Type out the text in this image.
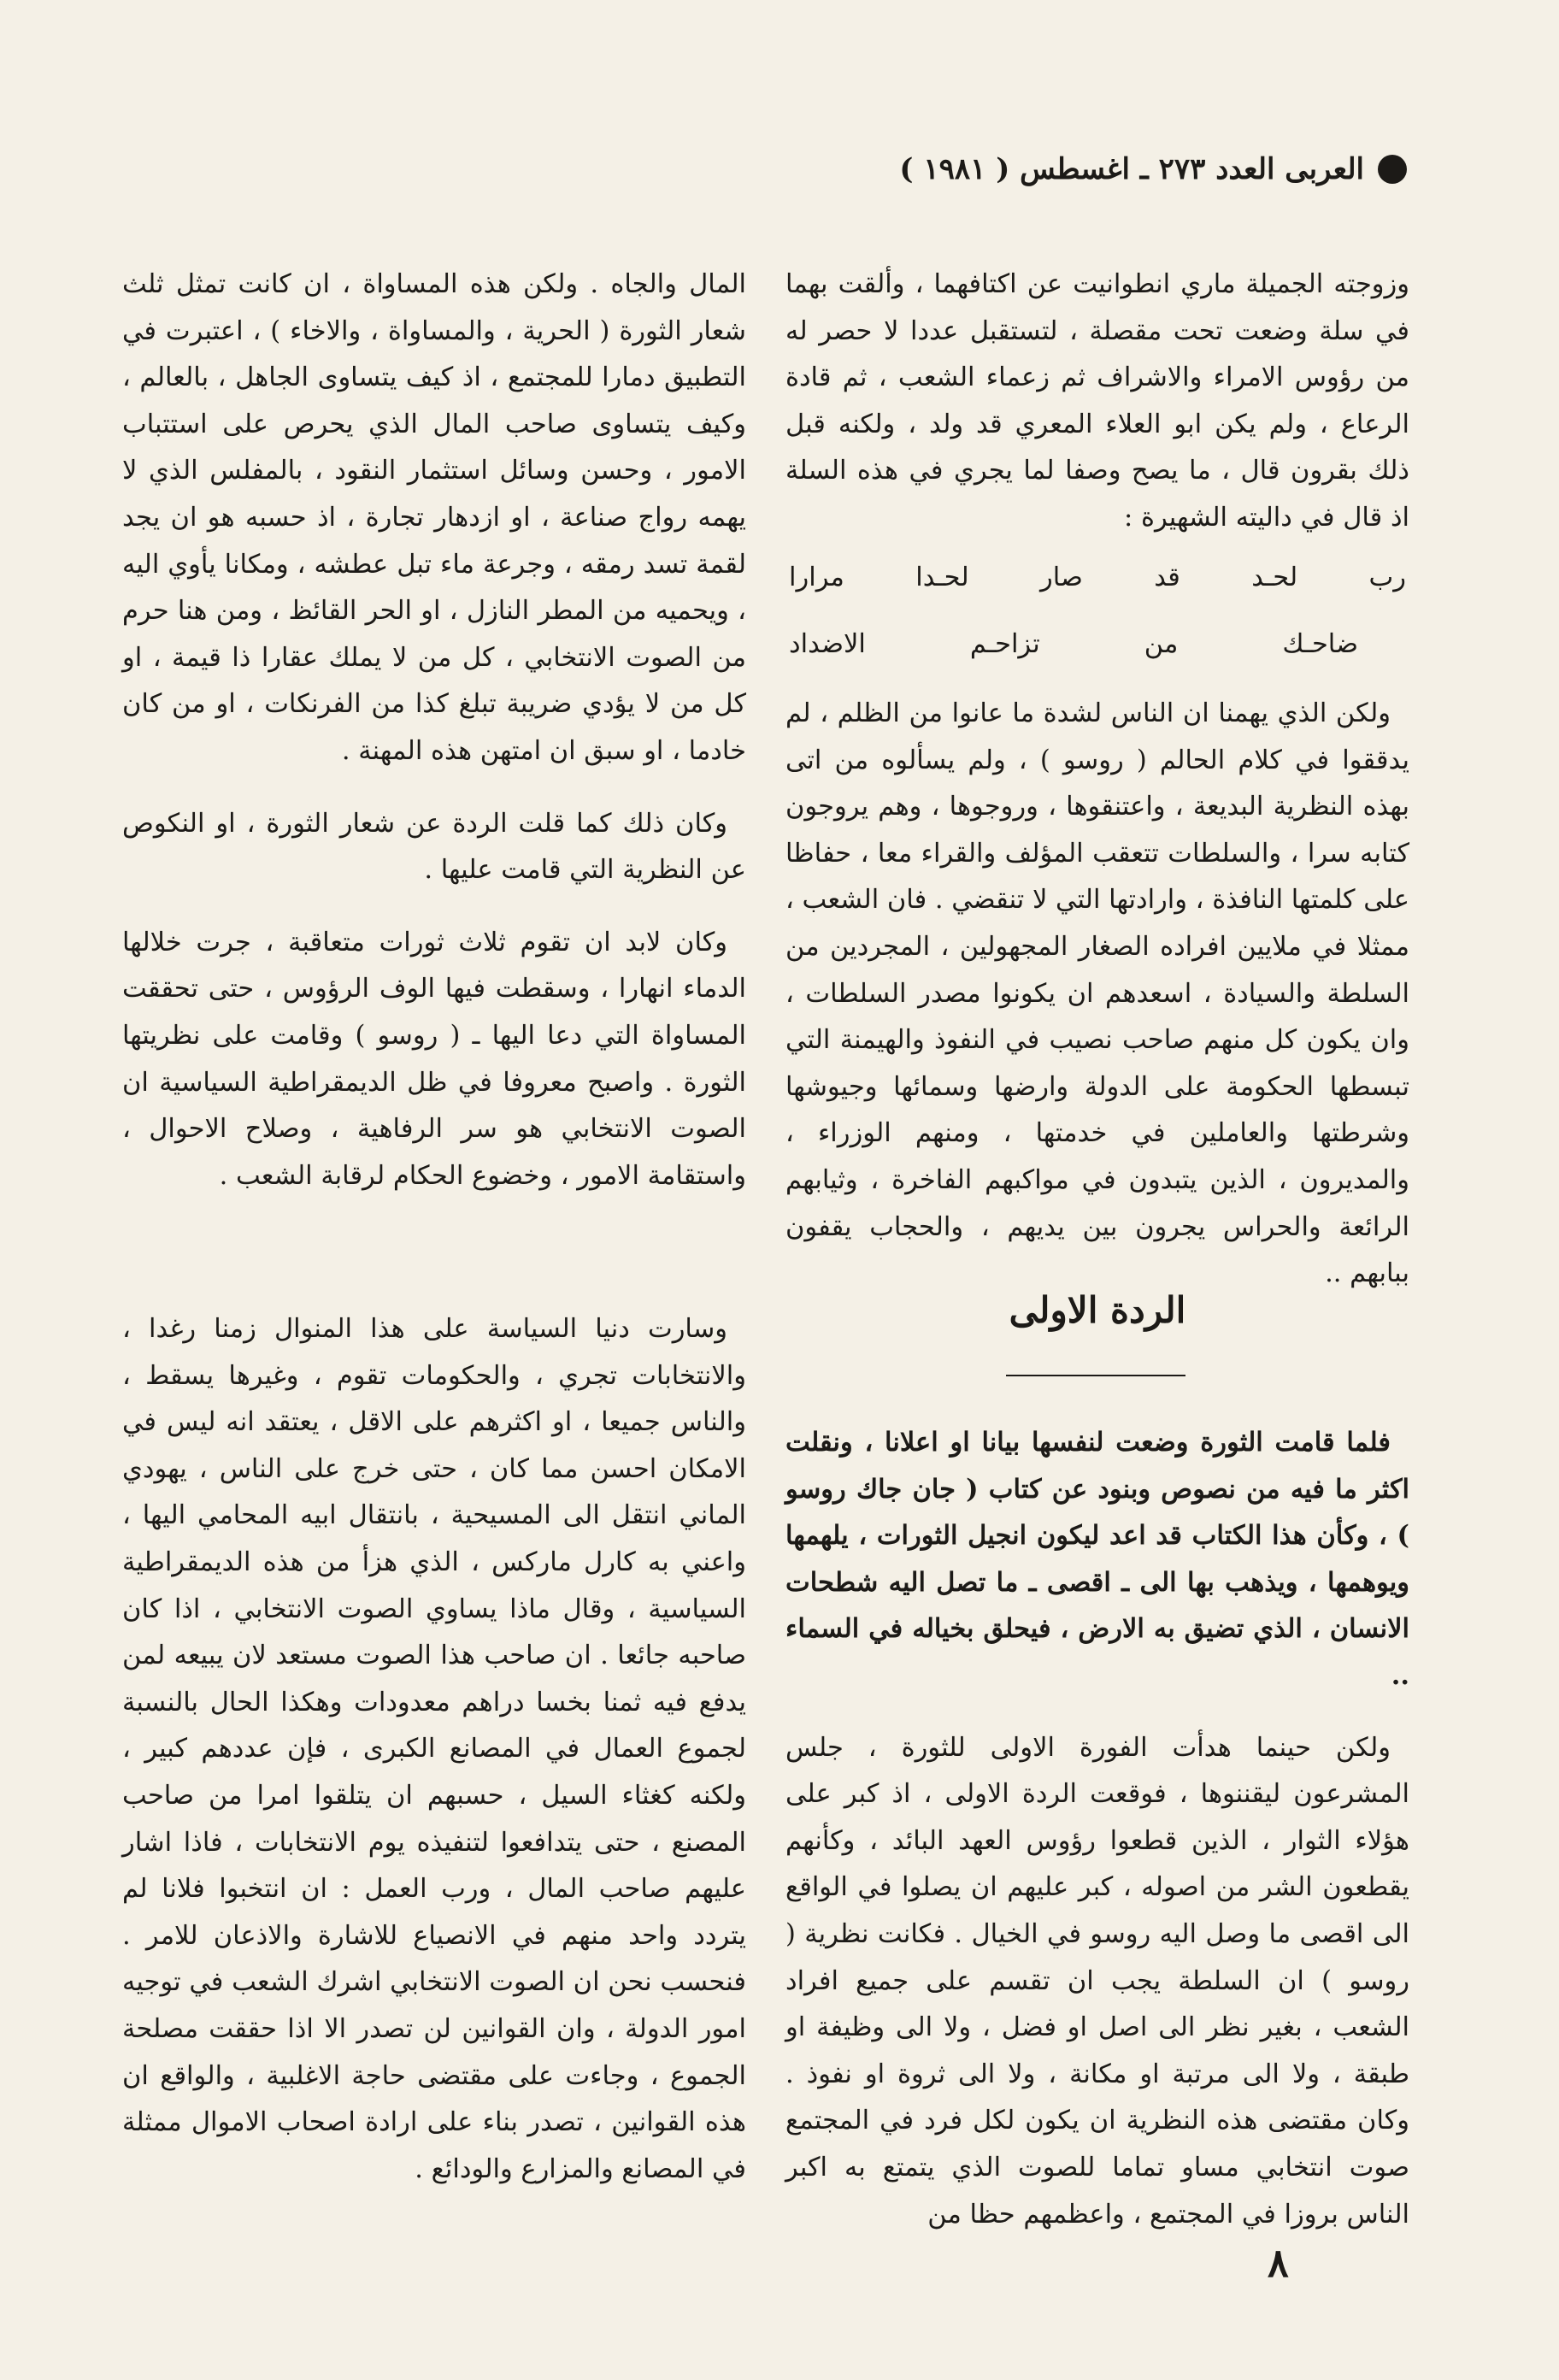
العربى العدد ٢٧٣ ـ اغسطس ( ١٩٨١ )

وزوجته الجميلة ماري انطوانيت عن اكتافهما ، وألقت بهما في سلة وضعت تحت مقصلة ، لتستقبل عددا لا حصر له من رؤوس الامراء والاشراف ثم زعماء الشعب ، ثم قادة الرعاع ، ولم يكن ابو العلاء المعري قد ولد ، ولكنه قبل ذلك بقرون قال ، ما يصح وصفا لما يجري في هذه السلة اذ قال في داليته الشهيرة :

رب
لحـد
قد
صار
لحـدا
مرارا
ضاحـك
من
تزاحـم
الاضداد

ولكن الذي يهمنا ان الناس لشدة ما عانوا من الظلم ، لم يدققوا في كلام الحالم ( روسو ) ، ولم يسألوه من اتى بهذه النظرية البديعة ، واعتنقوها ، وروجوها ، وهم يروجون كتابه سرا ، والسلطات تتعقب المؤلف والقراء معا ، حفاظا على كلمتها النافذة ، وارادتها التي لا تنقضي . فان الشعب ، ممثلا في ملايين افراده الصغار المجهولين ، المجردين من السلطة والسيادة ، اسعدهم ان يكونوا مصدر السلطات ، وان يكون كل منهم صاحب نصيب في النفوذ والهيمنة التي تبسطها الحكومة على الدولة وارضها وسمائها وجيوشها وشرطتها والعاملين في خدمتها ، ومنهم الوزراء ، والمديرون ، الذين يتبدون في مواكبهم الفاخرة ، وثيابهم الرائعة والحراس يجرون بين يديهم ، والحجاب يقفون ببابهم ..

الردة الاولى

فلما قامت الثورة وضعت لنفسها بيانا او اعلانا ، ونقلت اكثر ما فيه من نصوص وبنود عن كتاب ( جان جاك روسو ) ، وكأن هذا الكتاب قد اعد ليكون انجيل الثورات ، يلهمها ويوهمها ، ويذهب بها الى ـ اقصى ـ ما تصل اليه شطحات الانسان ، الذي تضيق به الارض ، فيحلق بخياله في السماء ..

ولكن حينما هدأت الفورة الاولى للثورة ، جلس المشرعون ليقننوها ، فوقعت الردة الاولى ، اذ كبر على هؤلاء الثوار ، الذين قطعوا رؤوس العهد البائد ، وكأنهم يقطعون الشر من اصوله ، كبر عليهم ان يصلوا في الواقع الى اقصى ما وصل اليه روسو في الخيال . فكانت نظرية ( روسو ) ان السلطة يجب ان تقسم على جميع افراد الشعب ، بغير نظر الى اصل او فضل ، ولا الى وظيفة او طبقة ، ولا الى مرتبة او مكانة ، ولا الى ثروة او نفوذ . وكان مقتضى هذه النظرية ان يكون لكل فرد في المجتمع صوت انتخابي مساو تماما للصوت الذي يتمتع به اكبر الناس بروزا في المجتمع ، واعظمهم حظا من

المال والجاه . ولكن هذه المساواة ، ان كانت تمثل ثلث شعار الثورة ( الحرية ، والمساواة ، والاخاء ) ، اعتبرت في التطبيق دمارا للمجتمع ، اذ كيف يتساوى الجاهل ، بالعالم ، وكيف يتساوى صاحب المال الذي يحرص على استتباب الامور ، وحسن وسائل استثمار النقود ، بالمفلس الذي لا يهمه رواج صناعة ، او ازدهار تجارة ، اذ حسبه هو ان يجد لقمة تسد رمقه ، وجرعة ماء تبل عطشه ، ومكانا يأوي اليه ، ويحميه من المطر النازل ، او الحر القائظ ، ومن هنا حرم من الصوت الانتخابي ، كل من لا يملك عقارا ذا قيمة ، او كل من لا يؤدي ضريبة تبلغ كذا من الفرنكات ، او من كان خادما ، او سبق ان امتهن هذه المهنة .

وكان ذلك كما قلت الردة عن شعار الثورة ، او النكوص عن النظرية التي قامت عليها .

وكان لابد ان تقوم ثلاث ثورات متعاقبة ، جرت خلالها الدماء انهارا ، وسقطت فيها الوف الرؤوس ، حتى تحققت المساواة التي دعا اليها ـ ( روسو ) وقامت على نظريتها الثورة . واصبح معروفا في ظل الديمقراطية السياسية ان الصوت الانتخابي هو سر الرفاهية ، وصلاح الاحوال ، واستقامة الامور ، وخضوع الحكام لرقابة الشعب .

وسارت دنيا السياسة على هذا المنوال زمنا رغدا ، والانتخابات تجري ، والحكومات تقوم ، وغيرها يسقط ، والناس جميعا ، او اكثرهم على الاقل ، يعتقد انه ليس في الامكان احسن مما كان ، حتى خرج على الناس ، يهودي الماني انتقل الى المسيحية ، بانتقال ابيه المحامي اليها ، واعني به كارل ماركس ، الذي هزأ من هذه الديمقراطية السياسية ، وقال ماذا يساوي الصوت الانتخابي ، اذا كان صاحبه جائعا . ان صاحب هذا الصوت مستعد لان يبيعه لمن يدفع فيه ثمنا بخسا دراهم معدودات وهكذا الحال بالنسبة لجموع العمال في المصانع الكبرى ، فإن عددهم كبير ، ولكنه كغثاء السيل ، حسبهم ان يتلقوا امرا من صاحب المصنع ، حتى يتدافعوا لتنفيذه يوم الانتخابات ، فاذا اشار عليهم صاحب المال ، ورب العمل : ان انتخبوا فلانا لم يتردد واحد منهم في الانصياع للاشارة والاذعان للامر . فنحسب نحن ان الصوت الانتخابي اشرك الشعب في توجيه امور الدولة ، وان القوانين لن تصدر الا اذا حققت مصلحة الجموع ، وجاءت على مقتضى حاجة الاغلبية ، والواقع ان هذه القوانين ، تصدر بناء على ارادة اصحاب الاموال ممثلة في المصانع والمزارع والودائع .

٨
